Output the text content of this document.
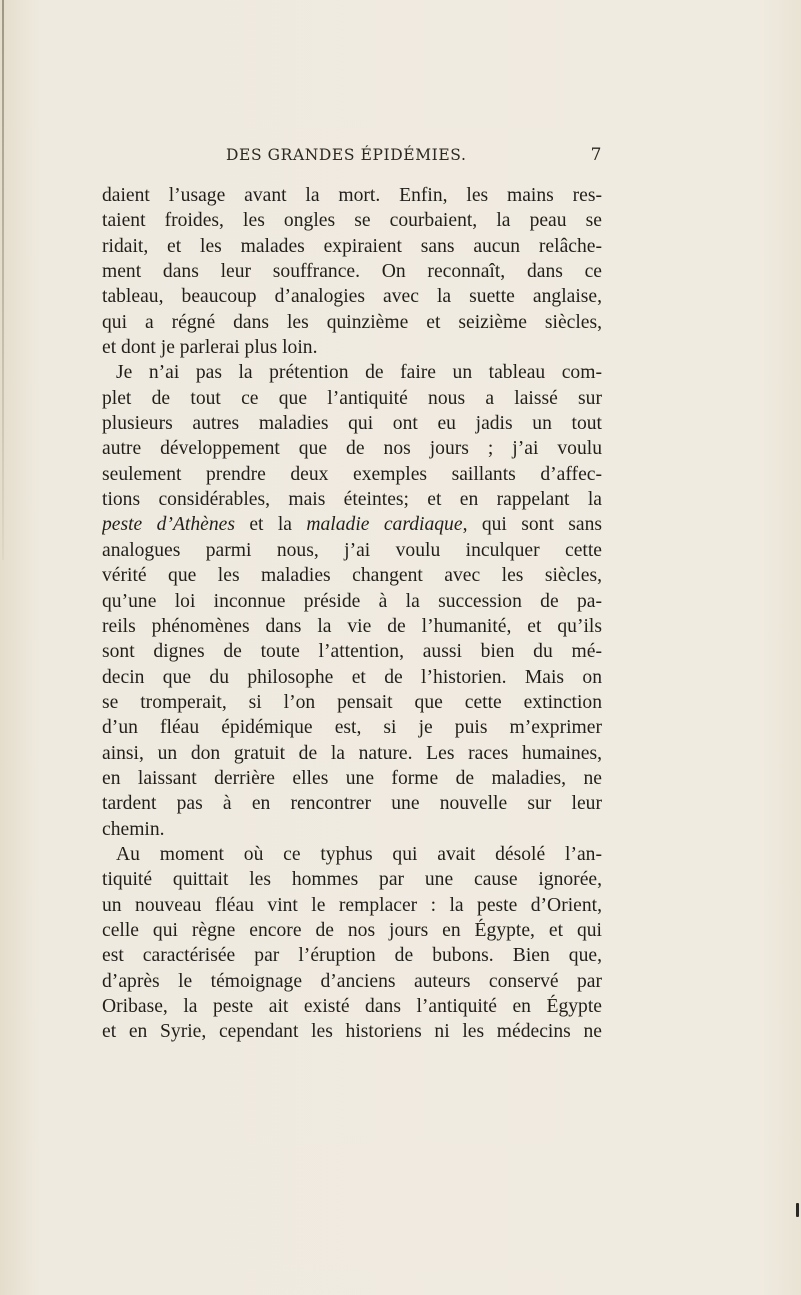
DES GRANDES ÉPIDÉMIES.	7
daient l’usage avant la mort. Enfin, les mains res-
taient froides, les ongles se courbaient, la peau se
ridait, et les malades expiraient sans aucun relâche-
ment dans leur souffrance. On reconnaît, dans ce
tableau, beaucoup d’analogies avec la suette anglaise,
qui a régné dans les quinzième et seizième siècles,
et dont je parlerai plus loin.
Je n’ai pas la prétention de faire un tableau com-
plet de tout ce que l’antiquité nous a laissé sur
plusieurs autres maladies qui ont eu jadis un tout
autre développement que de nos jours ; j’ai voulu
seulement prendre deux exemples saillants d’affec-
tions considérables, mais éteintes; et en rappelant la
peste d’Athènes et la maladie cardiaque, qui sont sans
analogues parmi nous, j’ai voulu inculquer cette
vérité que les maladies changent avec les siècles,
qu’une loi inconnue préside à la succession de pa-
reils phénomènes dans la vie de l’humanité, et qu’ils
sont dignes de toute l’attention, aussi bien du mé-
decin que du philosophe et de l’historien. Mais on
se tromperait, si l’on pensait que cette extinction
d’un fléau épidémique est, si je puis m’exprimer
ainsi, un don gratuit de la nature. Les races humaines,
en laissant derrière elles une forme de maladies, ne
tardent pas à en rencontrer une nouvelle sur leur
chemin.
Au moment où ce typhus qui avait désolé l’an-
tiquité quittait les hommes par une cause ignorée,
un nouveau fléau vint le remplacer : la peste d’Orient,
celle qui règne encore de nos jours en Égypte, et qui
est caractérisée par l’éruption de bubons. Bien que,
d’après le témoignage d’anciens auteurs conservé par
Oribase, la peste ait existé dans l’antiquité en Égypte
et en Syrie, cependant les historiens ni les médecins ne
